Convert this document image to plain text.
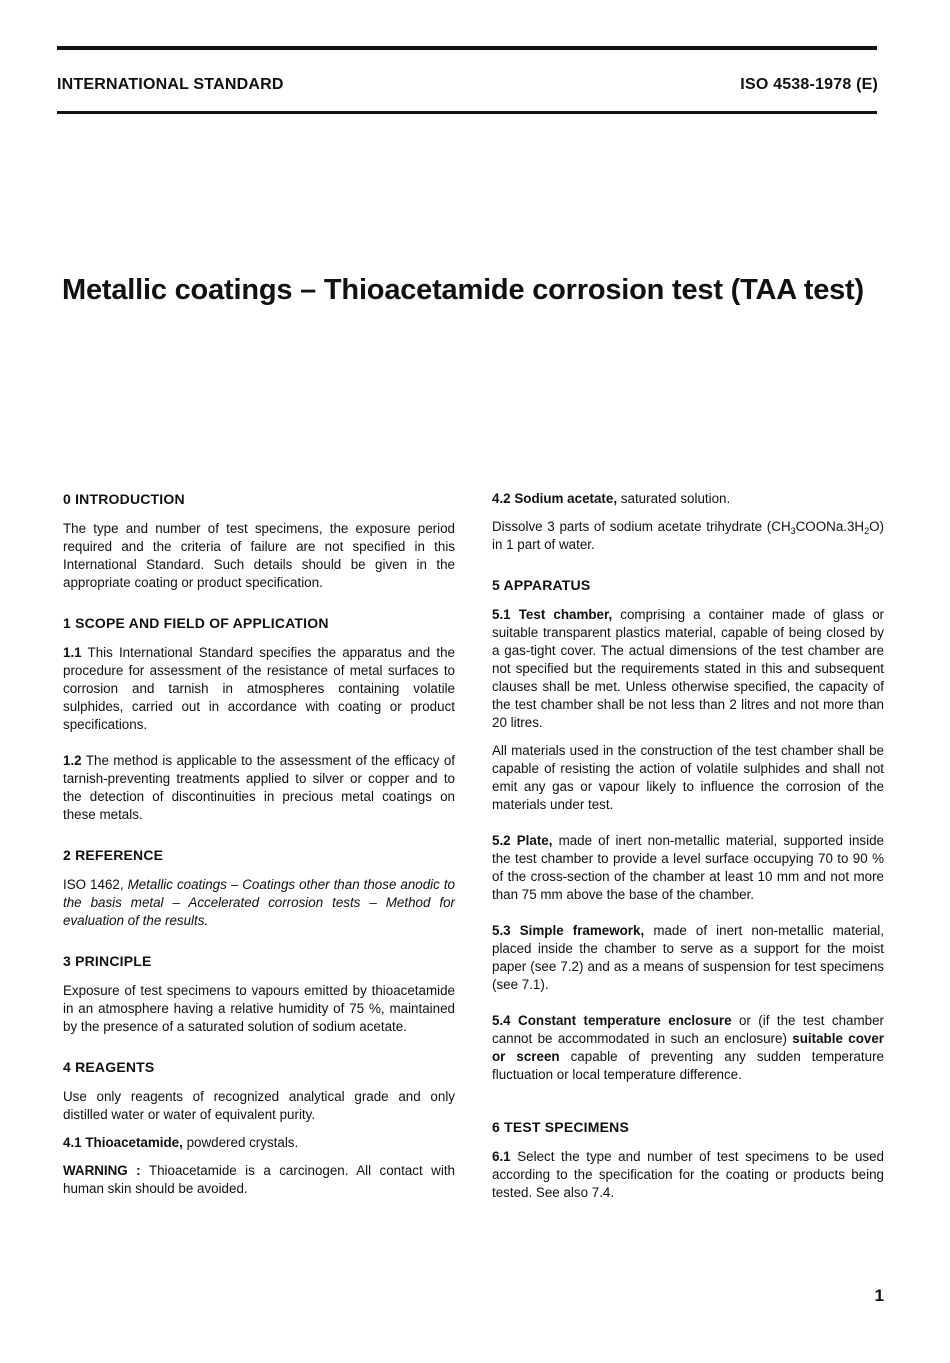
INTERNATIONAL STANDARD	ISO 4538-1978 (E)
Metallic coatings – Thioacetamide corrosion test (TAA test)
0 INTRODUCTION

The type and number of test specimens, the exposure period required and the criteria of failure are not specified in this International Standard. Such details should be given in the appropriate coating or product specification.

1 SCOPE AND FIELD OF APPLICATION

1.1 This International Standard specifies the apparatus and the procedure for assessment of the resistance of metal surfaces to corrosion and tarnish in atmospheres containing volatile sulphides, carried out in accordance with coating or product specifications.

1.2 The method is applicable to the assessment of the efficacy of tarnish-preventing treatments applied to silver or copper and to the detection of discontinuities in precious metal coatings on these metals.

2 REFERENCE

ISO 1462, Metallic coatings – Coatings other than those anodic to the basis metal – Accelerated corrosion tests – Method for evaluation of the results.

3 PRINCIPLE

Exposure of test specimens to vapours emitted by thioacetamide in an atmosphere having a relative humidity of 75 %, maintained by the presence of a saturated solution of sodium acetate.

4 REAGENTS

Use only reagents of recognized analytical grade and only distilled water or water of equivalent purity.

4.1 Thioacetamide, powdered crystals.

WARNING : Thioacetamide is a carcinogen. All contact with human skin should be avoided.

4.2 Sodium acetate, saturated solution.

Dissolve 3 parts of sodium acetate trihydrate $(CH_3COONa.3H_2O)$ in 1 part of water.

5 APPARATUS

5.1 Test chamber, comprising a container made of glass or suitable transparent plastics material, capable of being closed by a gas-tight cover. The actual dimensions of the test chamber are not specified but the requirements stated in this and subsequent clauses shall be met. Unless otherwise specified, the capacity of the test chamber shall be not less than 2 litres and not more than 20 litres.

All materials used in the construction of the test chamber shall be capable of resisting the action of volatile sulphides and shall not emit any gas or vapour likely to influence the corrosion of the materials under test.

5.2 Plate, made of inert non-metallic material, supported inside the test chamber to provide a level surface occupying 70 to 90 % of the cross-section of the chamber at least 10 mm and not more than 75 mm above the base of the chamber.

5.3 Simple framework, made of inert non-metallic material, placed inside the chamber to serve as a support for the moist paper (see 7.2) and as a means of suspension for test specimens (see 7.1).

5.4 Constant temperature enclosure or (if the test chamber cannot be accommodated in such an enclosure) suitable cover or screen capable of preventing any sudden temperature fluctuation or local temperature difference.

6 TEST SPECIMENS

6.1 Select the type and number of test specimens to be used according to the specification for the coating or products being tested. See also 7.4.

1
